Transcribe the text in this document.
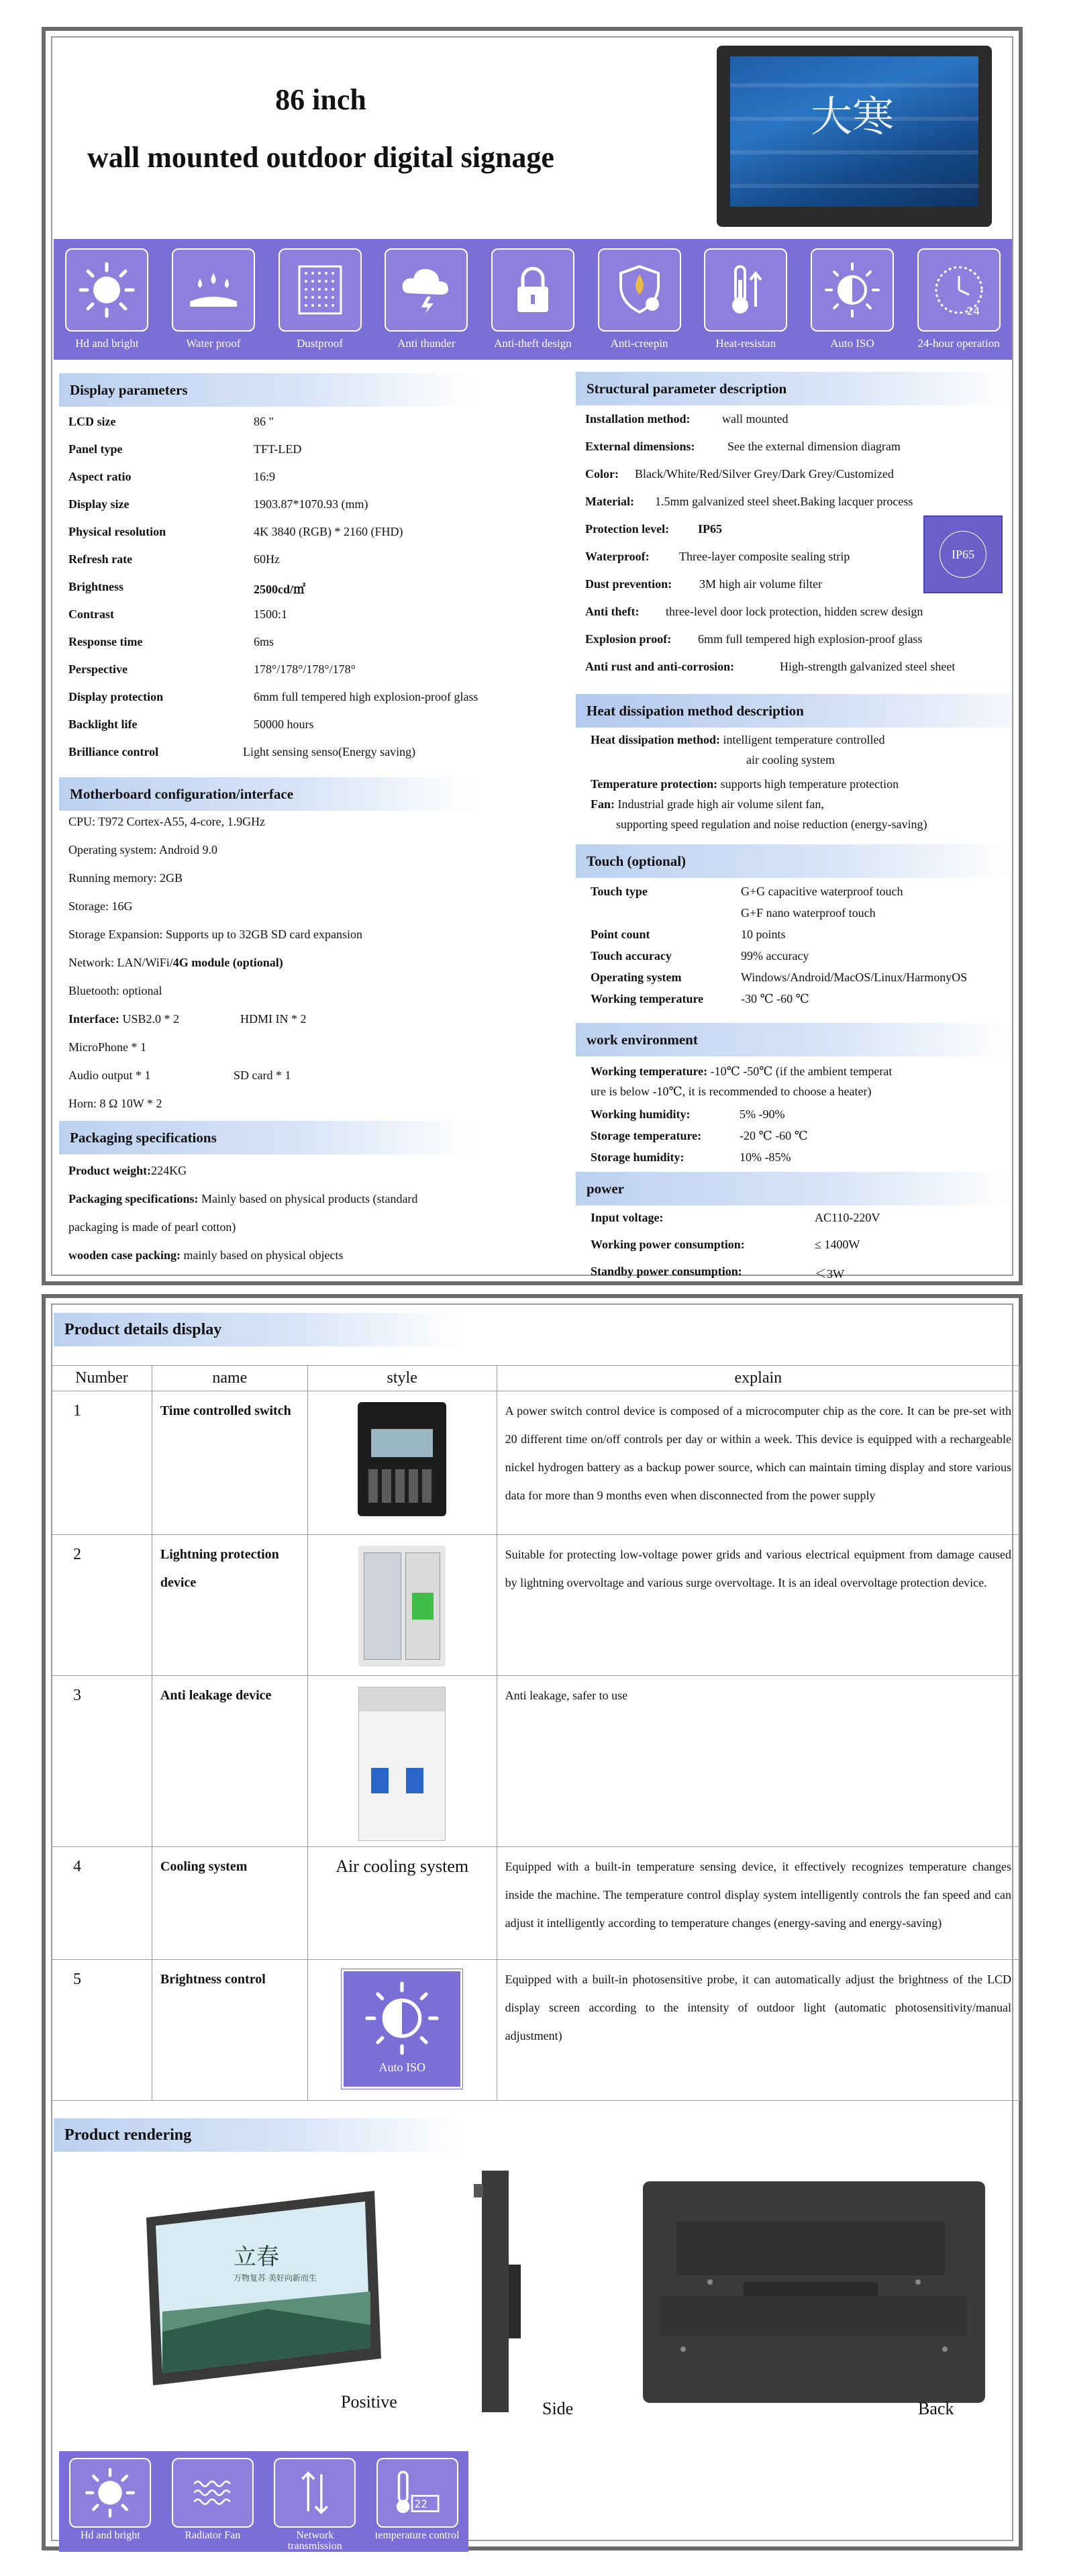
86 inch
wall mounted outdoor digital signage
大寒
Hd and bright	Water proof	Dustproof	Anti thunder	Anti-theft design	Anti-creepin	Heat-resistan	Auto ISO
24
24-hour operation
Display parameters
LCD size	86 "
Panel type	TFT-LED
Aspect ratio	16:9
Display size	1903.87*1070.93 (mm)
Physical resolution	4K 3840 (RGB) * 2160 (FHD)
Refresh rate	60Hz
Brightness	2500cd/㎡
Contrast	1500:1
Response time	6ms
Perspective	178°/178°/178°/178°
Display protection	6mm full tempered high explosion-proof glass
Backlight life	50000 hours
Brilliance control	Light sensing senso(Energy saving)
Motherboard configuration/interface
CPU: T972 Cortex-A55, 4-core, 1.9GHz
Operating system: Android 9.0
Running memory: 2GB
Storage: 16G
Storage Expansion: Supports up to 32GB SD card expansion
Network: LAN/WiFi/4G module (optional)
Bluetooth: optional
Interface: USB2.0 * 2	HDMI IN * 2
MicroPhone * 1
Audio output * 1	SD card * 1
Horn: 8 Ω 10W * 2
Packaging specifications
Product weight:224KG
Packaging specifications: Mainly based on physical products (standard
packaging is made of pearl cotton)
wooden case packing: mainly based on physical objects
Structural parameter description
Installation method:	wall mounted
External dimensions:	See the external dimension diagram
Color: Black/White/Red/Silver Grey/Dark Grey/Customized
Material: 1.5mm galvanized steel sheet.Baking lacquer process
Protection level: IP65
Waterproof: Three-layer composite sealing strip
Dust prevention: 3M high air volume filter
Anti theft: three-level door lock protection, hidden screw design
Explosion proof: 6mm full tempered high explosion-proof glass
Anti rust and anti-corrosion:	High-strength galvanized steel sheet
IP65
Heat dissipation method description
Heat dissipation method: intelligent temperature controlled
air cooling system
Temperature protection: supports high temperature protection
Fan: Industrial grade high air volume silent fan,
supporting speed regulation and noise reduction (energy-saving)
Touch (optional)
Touch type	G+G capacitive waterproof touch
G+F nano waterproof touch
Point count	10 points
Touch accuracy	99% accuracy
Operating system	Windows/Android/MacOS/Linux/HarmonyOS
Working temperature	-30 ℃ -60 ℃
work environment
Working temperature: -10℃ -50℃ (if the ambient temperat
ure is below -10℃, it is recommended to choose a heater)
Working humidity:	5% -90%
Storage temperature:	-20 ℃ -60 ℃
Storage humidity:	10% -85%
power
Input voltage:	AC110-220V
Working power consumption:	≤ 1400W
Standby power consumption:	＜3W
Product details display
Number	name	style	explain
1	Time controlled switch		A power switch control device is composed of a microcomputer chip as the core. It can be pre-set with 20 different time on/off controls per day or within a week. This device is equipped with a rechargeable nickel hydrogen battery as a backup power source, which can maintain timing display and store various data for more than 9 months even when disconnected from the power supply
2	Lightning protection device		Suitable for protecting low-voltage power grids and various electrical equipment from damage caused by lightning overvoltage and various surge overvoltage. It is an ideal overvoltage protection device.
3	Anti leakage device		Anti leakage, safer to use
4	Cooling system	Air cooling system	Equipped with a built-in temperature sensing device, it effectively recognizes temperature changes inside the machine. The temperature control display system intelligently controls the fan speed and can adjust it intelligently according to temperature changes (energy-saving and energy-saving)
5	Brightness control	Auto ISO	Equipped with a built-in photosensitive probe, it can automatically adjust the brightness of the LCD display screen according to the intensity of outdoor light (automatic photosensitivity/manual adjustment)
Product rendering
立春
万物复苏 美好向新而生
Positive	Side	Back
Hd and bright	Radiator Fan	Network transmission
22
temperature control
